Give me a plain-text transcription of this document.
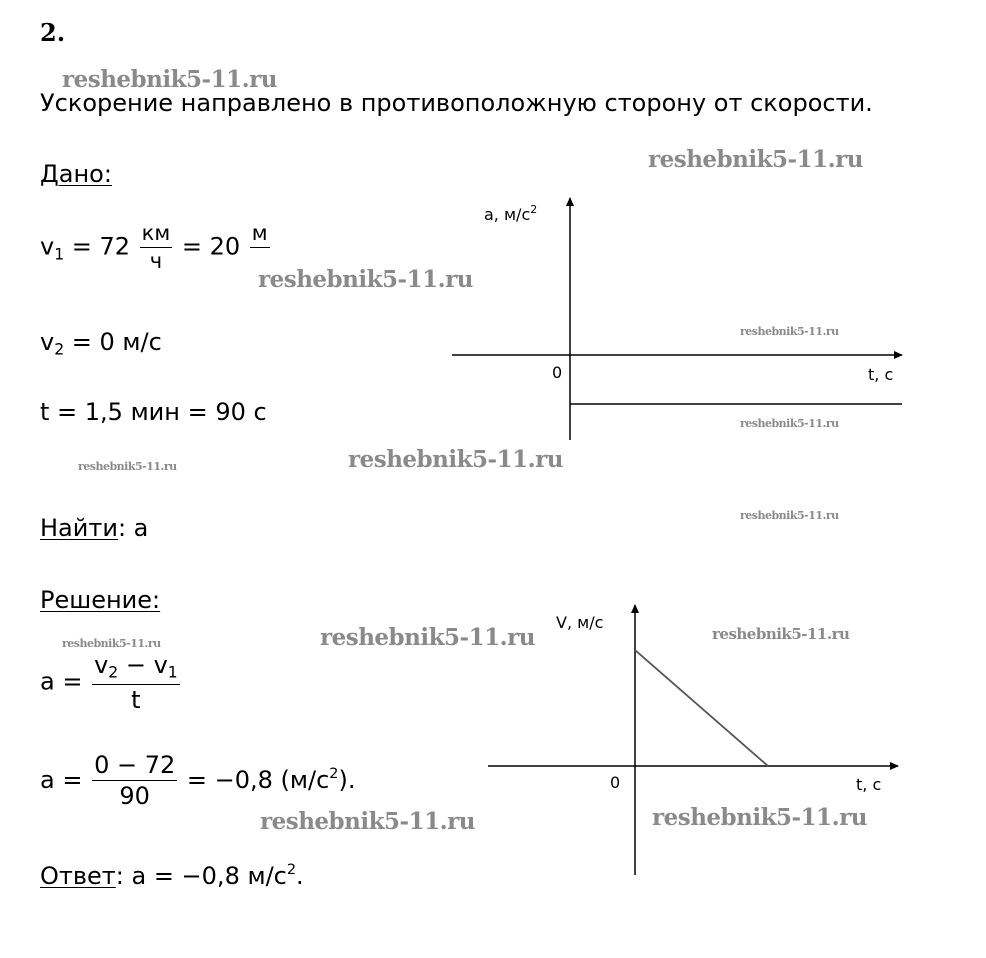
2.
Ускорение направлено в противоположную сторону от скорости.
Дано:
$v_1 = 72 \frac{км}{ч} = 20$ м
$v_2 = 0$ м/с
t = 1,5 мин = 90 с
Найти: a
Решение:
$a = \frac{v_2 - v_1}{t}$
$a = \frac{0 - 72}{90} = -0,8$ $(м/с^2)$.
Ответ: a = −0,8 $м/с^2$.
a, $м/с^2$
0	t, с
V, м/с
0	t, с
reshebnik5-11.ru
reshebnik5-11.ru
reshebnik5-11.ru
reshebnik5-11.ru
reshebnik5-11.ru
reshebnik5-11.ru
reshebnik5-11.ru
reshebnik5-11.ru
reshebnik5-11.ru	reshebnik5-11.ru
reshebnik5-11.ru
reshebnik5-11.ru	reshebnik5-11.ru
